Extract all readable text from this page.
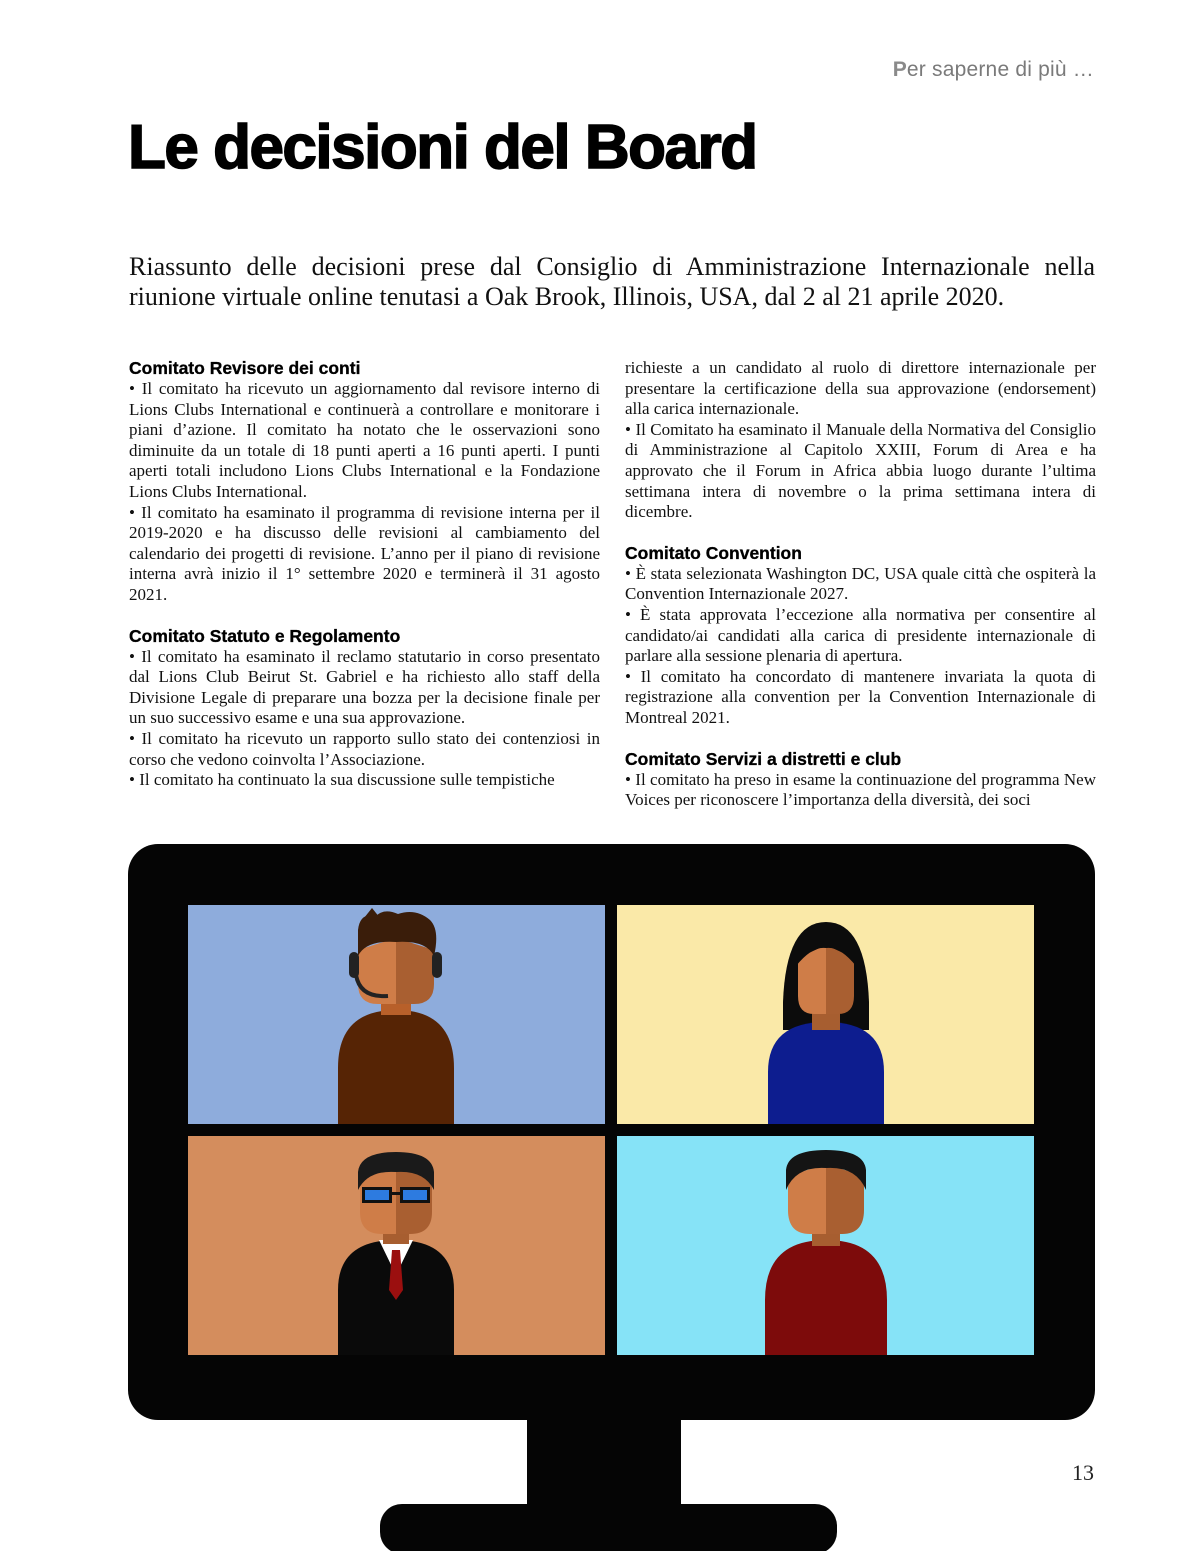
Per saperne di più …
Le decisioni del Board

Riassunto delle decisioni prese dal Consiglio di Amministrazione Internazionale nella riunione virtuale online tenutasi a Oak Brook, Illinois, USA, dal 2 al 21 aprile 2020.

Comitato Revisore dei conti

• Il comitato ha ricevuto un aggiornamento dal revisore interno di Lions Clubs International e continuerà a controllare e monitorare i piani d’azione. Il comitato ha notato che le osservazioni sono diminuite da un totale di 18 punti aperti a 16 punti aperti. I punti aperti totali includono Lions Clubs International e la Fondazione Lions Clubs International.

• Il comitato ha esaminato il programma di revisione interna per il 2019-2020 e ha discusso delle revisioni al cambiamento del calendario dei progetti di revisione. L’anno per il piano di revisione interna avrà inizio il 1° settembre 2020 e terminerà il 31 agosto 2021.

Comitato Statuto e Regolamento

• Il comitato ha esaminato il reclamo statutario in corso presentato dal Lions Club Beirut St. Gabriel e ha richiesto allo staff della Divisione Legale di preparare una bozza per la decisione finale per un suo successivo esame e una sua approvazione.

• Il comitato ha ricevuto un rapporto sullo stato dei contenziosi in corso che vedono coinvolta l’Associazione.

• Il comitato ha continuato la sua discussione sulle tempistiche

richieste a un candidato al ruolo di direttore internazionale per presentare la certificazione della sua approvazione (endorsement) alla carica internazionale.

• Il Comitato ha esaminato il Manuale della Normativa del Consiglio di Amministrazione al Capitolo XXIII, Forum di Area e ha approvato che il Forum in Africa abbia luogo durante l’ultima settimana intera di novembre o la prima settimana intera di dicembre.

Comitato Convention

• È stata selezionata Washington DC, USA quale città che ospiterà la Convention Internazionale 2027.

• È stata approvata l’eccezione alla normativa per consentire al candidato/ai candidati alla carica di presidente internazionale di parlare alla sessione plenaria di apertura.

• Il comitato ha concordato di mantenere invariata la quota di registrazione alla convention per la Convention Internazionale di Montreal 2021.

Comitato Servizi a distretti e club

• Il comitato ha preso in esame la continuazione del programma New Voices per riconoscere l’importanza della diversità, dei soci

13
